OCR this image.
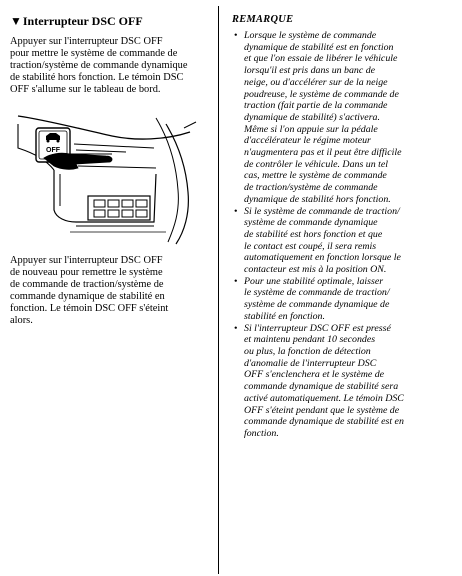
▼Interrupteur DSC OFF

Appuyer sur l'interrupteur DSC OFF
pour mettre le système de commande de
traction/système de commande dynamique
de stabilité hors fonction. Le témoin DSC
OFF s'allume sur le tableau de bord.

OFF

Appuyer sur l'interrupteur DSC OFF
de nouveau pour remettre le système
de commande de traction/système de
commande dynamique de stabilité en
fonction. Le témoin DSC OFF s'éteint
alors.

REMARQUE

• Lorsque le système de commande
dynamique de stabilité est en fonction
et que l'on essaie de libérer le véhicule
lorsqu'il est pris dans un banc de
neige, ou d'accélérer sur de la neige
poudreuse, le système de commande de
traction (fait partie de la commande
dynamique de stabilité) s'activera.
Même si l'on appuie sur la pédale
d'accélérateur le régime moteur
n'augmentera pas et il peut être difficile
de contrôler le véhicule. Dans un tel
cas, mettre le système de commande
de traction/système de commande
dynamique de stabilité hors fonction.
• Si le système de commande de traction/
système de commande dynamique
de stabilité est hors fonction et que
le contact est coupé, il sera remis
automatiquement en fonction lorsque le
contacteur est mis à la position ON.
• Pour une stabilité optimale, laisser
le système de commande de traction/
système de commande dynamique de
stabilité en fonction.
• Si l'interrupteur DSC OFF est pressé
et maintenu pendant 10 secondes
ou plus, la fonction de détection
d'anomalie de l'interrupteur DSC
OFF s'enclenchera et le système de
commande dynamique de stabilité sera
activé automatiquement. Le témoin DSC
OFF s'éteint pendant que le système de
commande dynamique de stabilité est en
fonction.
